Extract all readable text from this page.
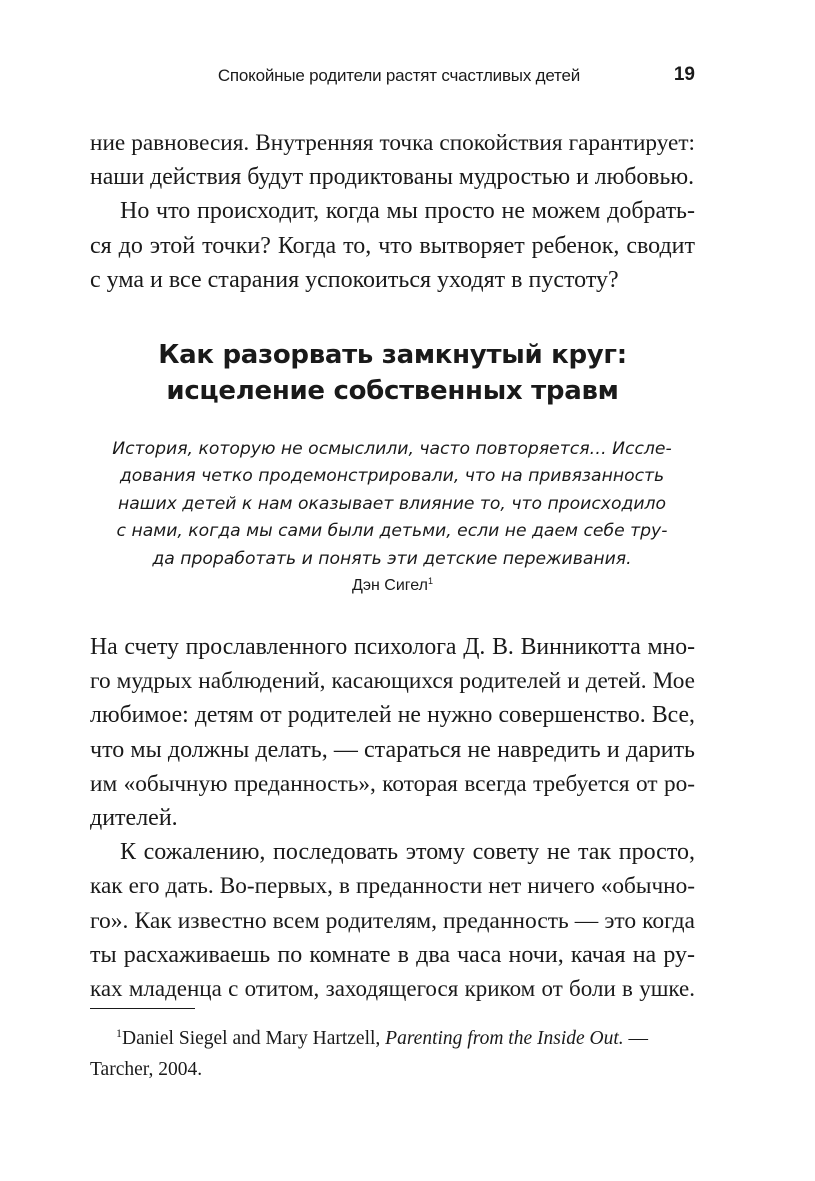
Спокойные родители растят счастливых детей	19
ние равновесия. Внутренняя точка спокойствия гарантирует:
наши действия будут продиктованы мудростью и любовью.
Но что происходит, когда мы просто не можем добрать-
ся до этой точки? Когда то, что вытворяет ребенок, сводит
с ума и все старания успокоиться уходят в пустоту?
Как разорвать замкнутый круг:
исцеление собственных травм
История, которую не осмыслили, часто повторяется… Иссле-
дования четко продемонстрировали, что на привязанность
наших детей к нам оказывает влияние то, что происходило
с нами, когда мы сами были детьми, если не даем себе тру-
да проработать и понять эти детские переживания.
Дэн Сигел$^1$
На счету прославленного психолога Д. В. Винникотта мно-
го мудрых наблюдений, касающихся родителей и детей. Мое
любимое: детям от родителей не нужно совершенство. Все,
что мы должны делать, — стараться не навредить и дарить
им «обычную преданность», которая всегда требуется от ро-
дителей.
К сожалению, последовать этому совету не так просто,
как его дать. Во-первых, в преданности нет ничего «обычно-
го». Как известно всем родителям, преданность — это когда
ты расхаживаешь по комнате в два часа ночи, качая на ру-
ках младенца с отитом, заходящегося криком от боли в ушке.
$^1$Daniel Siegel and Mary Hartzell, Parenting from the Inside Out. —
Tarcher, 2004.
